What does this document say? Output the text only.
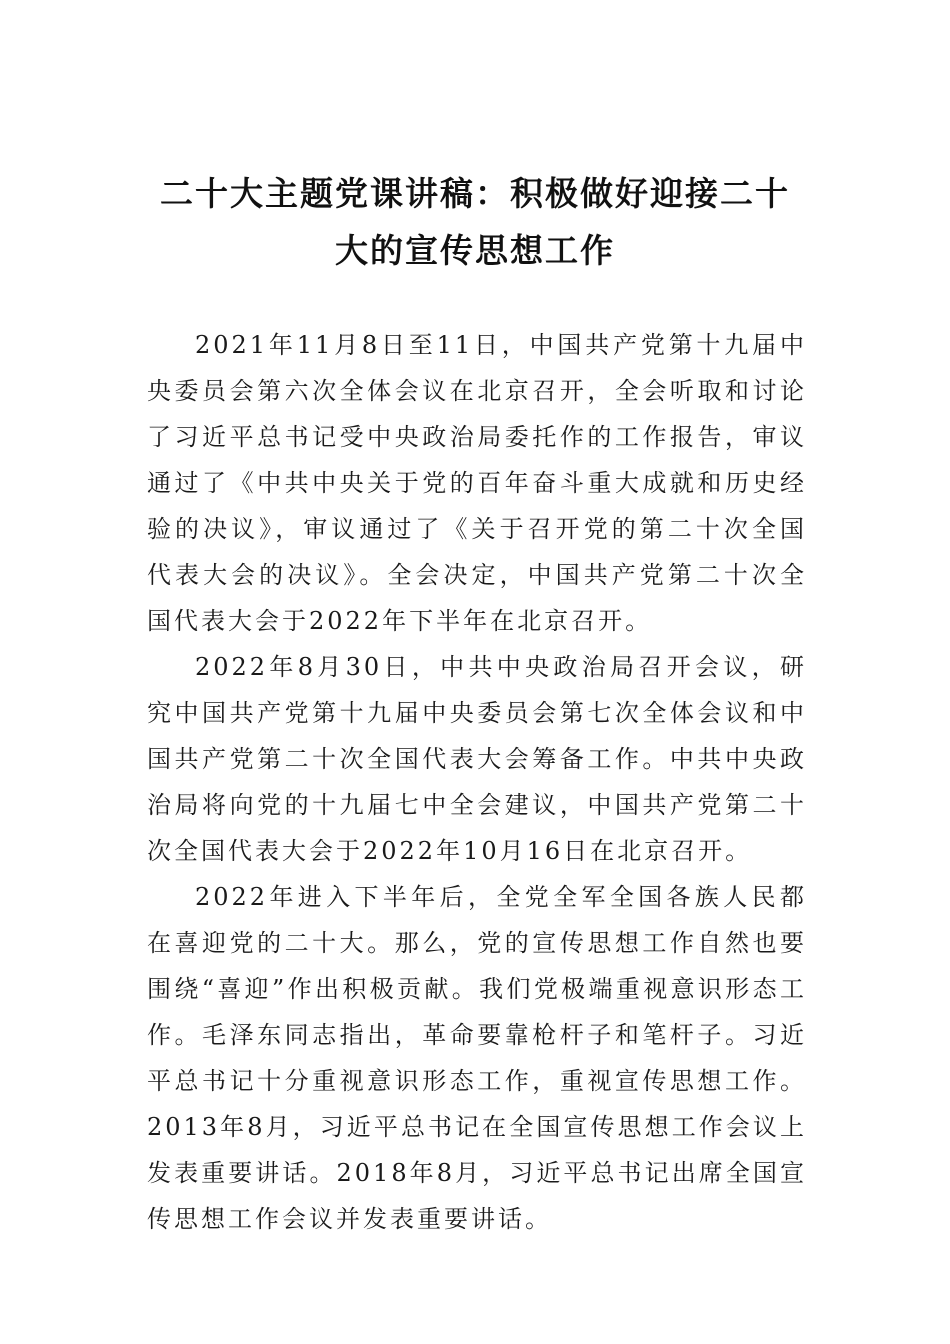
二十大主题党课讲稿：积极做好迎接二十
大的宣传思想工作

2021年11月8日至11日，中国共产党第十九届中央委员会第六次全体会议在北京召开，全会听取和讨论了习近平总书记受中央政治局委托作的工作报告，审议通过了《中共中央关于党的百年奋斗重大成就和历史经验的决议》，审议通过了《关于召开党的第二十次全国代表大会的决议》。全会决定，中国共产党第二十次全国代表大会于2022年下半年在北京召开。

2022年8月30日，中共中央政治局召开会议，研究中国共产党第十九届中央委员会第七次全体会议和中国共产党第二十次全国代表大会筹备工作。中共中央政治局将向党的十九届七中全会建议，中国共产党第二十次全国代表大会于2022年10月16日在北京召开。

2022年进入下半年后，全党全军全国各族人民都在喜迎党的二十大。那么，党的宣传思想工作自然也要围绕“喜迎”作出积极贡献。我们党极端重视意识形态工作。毛泽东同志指出，革命要靠枪杆子和笔杆子。习近平总书记十分重视意识形态工作，重视宣传思想工作。2013年8月，习近平总书记在全国宣传思想工作会议上发表重要讲话。2018年8月，习近平总书记出席全国宣传思想工作会议并发表重要讲话。
